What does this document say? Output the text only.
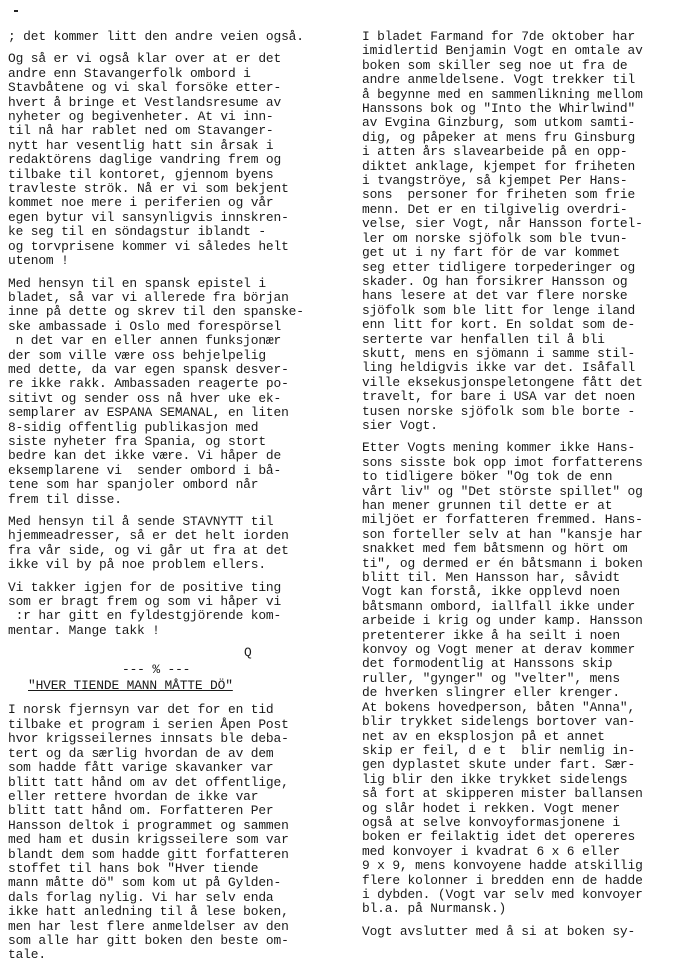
; det kommer litt den andre veien også.
Og så er vi også klar over at er det
andre enn Stavangerfolk ombord i
Stavbåtene og vi skal forsöke etter-
hvert å bringe et Vestlandsresume av
nyheter og begivenheter. At vi inn-
til nå har rablet ned om Stavanger-
nytt har vesentlig hatt sin årsak i
redaktörens daglige vandring frem og
tilbake til kontoret, gjennom byens
travleste strök. Nå er vi som bekjent
kommet noe mere i periferien og vår
egen bytur vil sansynligvis innskren-
ke seg til en söndagstur iblandt -
og torvprisene kommer vi således helt
utenom !
Med hensyn til en spansk epistel i
bladet, så var vi allerede fra början
inne på dette og skrev til den spanske-
ske ambassade i Oslo med forespörsel
n det var en eller annen funksjonær
der som ville være oss behjelpelig
med dette, da var egen spansk desver-
re ikke rakk. Ambassaden reagerte po-
sitivt og sender oss nå hver uke ek-
semplarer av ESPANA SEMANAL, en liten
8-sidig offentlig publikasjon med
siste nyheter fra Spania, og stort
bedre kan det ikke være. Vi håper de
eksemplarene vi  sender ombord i bå-
tene som har spanjoler ombord når
frem til disse.
Med hensyn til å sende STAVNYTT til
hjemmeadresser, så er det helt iorden
fra vår side, og vi går ut fra at det
ikke vil by på noe problem ellers.
Vi takker igjen for de positive ting
som er bragt frem og som vi håper vi
:r har gitt en fyldestgjörende kom-
mentar. Mange takk !
Q
--- % ---
"HVER TIENDE MANN MÅTTE DÖ"
I norsk fjernsyn var det for en tid
tilbake et program i serien Åpen Post
hvor krigsseilernes innsats ble deba-
tert og da særlig hvordan de av dem
som hadde fått varige skavanker var
blitt tatt hånd om av det offentlige,
eller rettere hvordan de ikke var
blitt tatt hånd om. Forfatteren Per
Hansson deltok i programmet og sammen
med ham et dusin krigsseilere som var
blandt dem som hadde gitt forfatteren
stoffet til hans bok "Hver tiende
mann måtte dö" som kom ut på Gylden-
dals forlag nylig. Vi har selv enda
ikke hatt anledning til å lese boken,
men har lest flere anmeldelser av den
som alle har gitt boken den beste om-
tale.
I bladet Farmand for 7de oktober har
imidlertid Benjamin Vogt en omtale av
boken som skiller seg noe ut fra de
andre anmeldelsene. Vogt trekker til
å begynne med en sammenlikning mellom
Hanssons bok og "Into the Whirlwind"
av Evgina Ginzburg, som utkom samti-
dig, og påpeker at mens fru Ginsburg
i atten års slavearbeide på en opp-
diktet anklage, kjempet for friheten
i tvangströye, så kjempet Per Hans-
sons  personer for friheten som frie
menn. Det er en tilgivelig overdri-
velse, sier Vogt, når Hansson fortel-
ler om norske sjöfolk som ble tvun-
get ut i ny fart för de var kommet
seg etter tidligere torpederinger og
skader. Og han forsikrer Hansson og
hans lesere at det var flere norske
sjöfolk som ble litt for lenge iland
enn litt for kort. En soldat som de-
serterte var henfallen til å bli
skutt, mens en sjömann i samme stil-
ling heldigvis ikke var det. Isåfall
ville eksekusjonspeletongene fått det
travelt, for bare i USA var det noen
tusen norske sjöfolk som ble borte -
sier Vogt.
Etter Vogts mening kommer ikke Hans-
sons sisste bok opp imot forfatterens
to tidligere böker "Og tok de enn
vårt liv" og "Det störste spillet" og
han mener grunnen til dette er at
miljöet er forfatteren fremmed. Hans-
son forteller selv at han "kansje har
snakket med fem båtsmenn og hört om
ti", og dermed er én båtsmann i boken
blitt til. Men Hansson har, såvidt
Vogt kan forstå, ikke opplevd noen
båtsmann ombord, iallfall ikke under
arbeide i krig og under kamp. Hansson
pretenterer ikke å ha seilt i noen
konvoy og Vogt mener at derav kommer
det formodentlig at Hanssons skip
ruller, "gynger" og "velter", mens
de hverken slingrer eller krenger.
At bokens hovedperson, båten "Anna",
blir trykket sidelengs bortover van-
net av en eksplosjon på et annet
skip er feil, d e t  blir nemlig in-
gen dyplastet skute under fart. Sær-
lig blir den ikke trykket sidelengs
så fort at skipperen mister ballansen
og slår hodet i rekken. Vogt mener
også at selve konvoyformasjonene i
boken er feilaktig idet det opereres
med konvoyer i kvadrat 6 x 6 eller
9 x 9, mens konvoyene hadde atskillig
flere kolonner i bredden enn de hadde
i dybden. (Vogt var selv med konvoyer
bl.a. på Nurmansk.)
Vogt avslutter med å si at boken sy-
